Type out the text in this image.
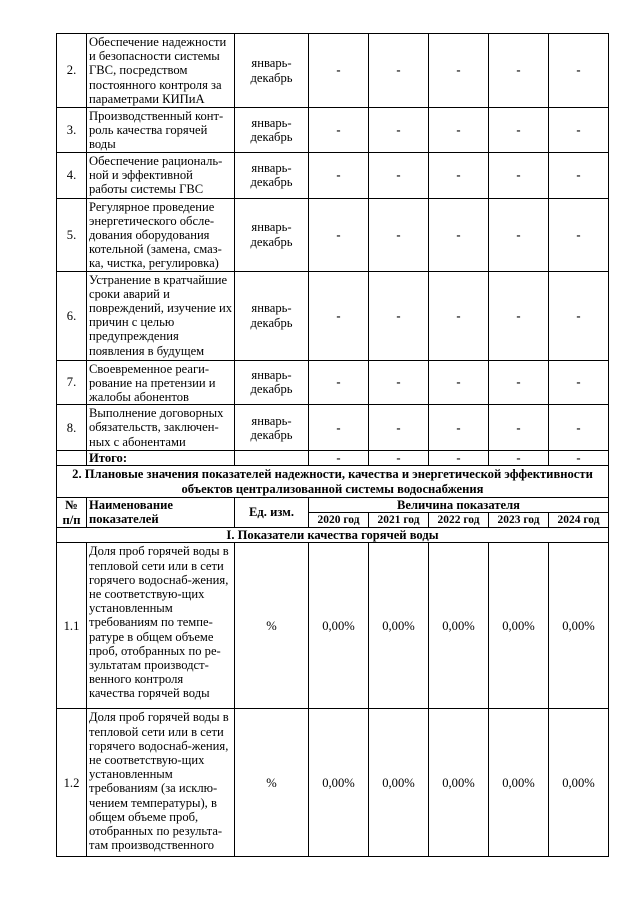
2.	Обеспечение надежности и безопасности системы ГВС, посредством постоянного контроля за параметрами КИПиА	январь-декабрь	-	-	-	-	-
3.	Производственный конт-роль качества горячей воды	январь-декабрь	-	-	-	-	-
4.	Обеспечение рациональ-ной и эффективной работы системы ГВС	январь-декабрь	-	-	-	-	-
5.	Регулярное проведение энергетического обсле-дования оборудования котельной (замена, смаз-ка, чистка, регулировка)	январь-декабрь	-	-	-	-	-
6.	Устранение в кратчайшие сроки аварий и повреждений, изучение их причин с целью предупреждения появления в будущем	январь-декабрь	-	-	-	-	-
7.	Своевременное реаги-рование на претензии и жалобы абонентов	январь-декабрь	-	-	-	-	-
8.	Выполнение договорных обязательств, заключен-ных с абонентами	январь-декабрь	-	-	-	-	-
	Итого:		-	-	-	-	-
2. Плановые значения показателей надежности, качества и энергетической эффективности объектов централизованной системы водоснабжения							
№ п/п	Наименование показателей	Ед. изм.	Величина показателя				
			2020 год	2021 год	2022 год	2023 год	2024 год
I. Показатели качества горячей воды							
1.1	Доля проб горячей воды в тепловой сети или в сети горячего водоснаб-жения, не соответствую-щих установленным требованиям по темпе-ратуре в общем объеме проб, отобранных по ре-зультатам производст-венного контроля качества горячей воды	%	0,00%	0,00%	0,00%	0,00%	0,00%
1.2	Доля проб горячей воды в тепловой сети или в сети горячего водоснаб-жения, не соответствую-щих установленным требованиям (за исклю-чением температуры), в общем объеме проб, отобранных по результа-там производственного	%	0,00%	0,00%	0,00%	0,00%	0,00%
